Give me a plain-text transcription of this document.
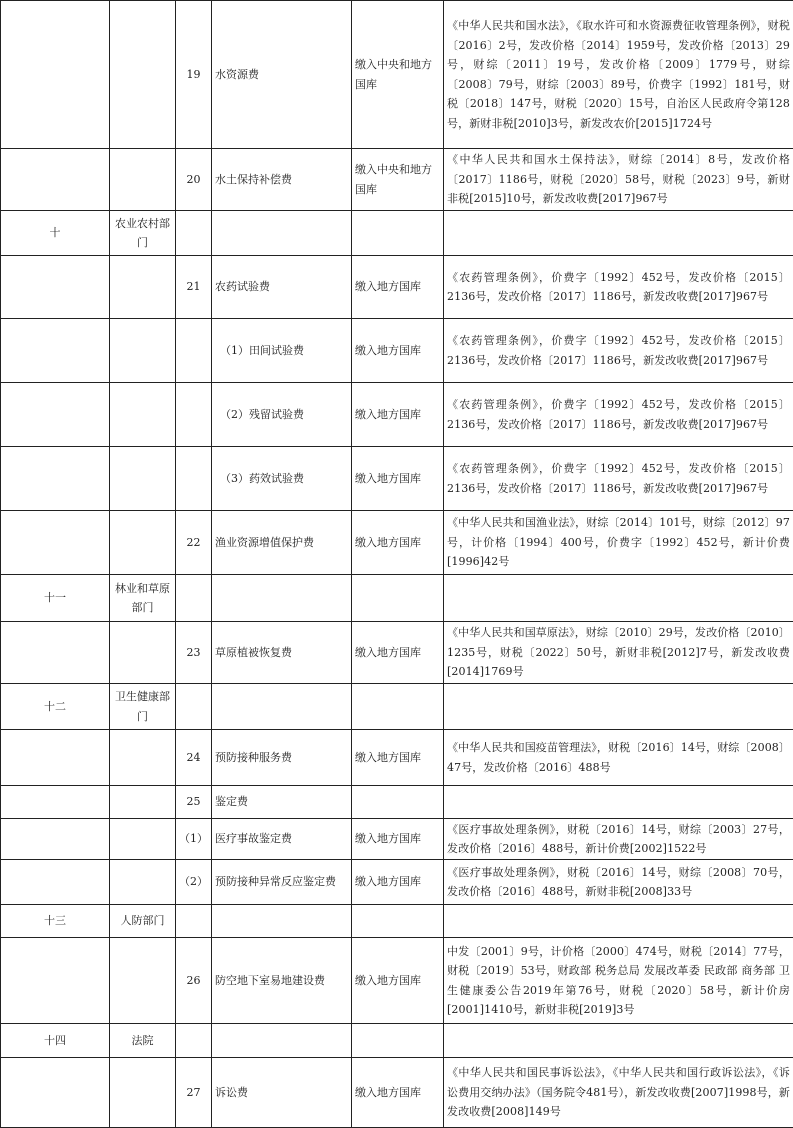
		19	水资源费	缴入中央和地方国库	《中华人民共和国水法》，《取水许可和水资源费征收管理条例》，财税〔2016〕2号，发改价格〔2014〕1959号，发改价格〔2013〕29号，财综〔2011〕19号，发改价格〔2009〕1779号，财综〔2008〕79号，财综〔2003〕89号，价费字〔1992〕181号，财税〔2018〕147号，财税〔2020〕15号，自治区人民政府令第128号，新财非税[2010]3号，新发改农价[2015]1724号
		20	水土保持补偿费	缴入中央和地方国库	《中华人民共和国水土保持法》，财综〔2014〕8号，发改价格〔2017〕1186号，财税〔2020〕58号，财税〔2023〕9号，新财非税[2015]10号，新发改收费[2017]967号
十	农业农村部门				
		21	农药试验费	缴入地方国库	《农药管理条例》，价费字〔1992〕452号，发改价格〔2015〕2136号，发改价格〔2017〕1186号，新发改收费[2017]967号
			（1）田间试验费	缴入地方国库	《农药管理条例》，价费字〔1992〕452号，发改价格〔2015〕2136号，发改价格〔2017〕1186号，新发改收费[2017]967号
			（2）残留试验费	缴入地方国库	《农药管理条例》，价费字〔1992〕452号，发改价格〔2015〕2136号，发改价格〔2017〕1186号，新发改收费[2017]967号
			（3）药效试验费	缴入地方国库	《农药管理条例》，价费字〔1992〕452号，发改价格〔2015〕2136号，发改价格〔2017〕1186号，新发改收费[2017]967号
		22	渔业资源增值保护费	缴入地方国库	《中华人民共和国渔业法》，财综〔2014〕101号，财综〔2012〕97号，计价格〔1994〕400号，价费字〔1992〕452号，新计价费[1996]42号
十一	林业和草原部门				
		23	草原植被恢复费	缴入地方国库	《中华人民共和国草原法》，财综〔2010〕29号，发改价格〔2010〕1235号，财税〔2022〕50号，新财非税[2012]7号，新发改收费[2014]1769号
十二	卫生健康部门				
		24	预防接种服务费	缴入地方国库	《中华人民共和国疫苗管理法》，财税〔2016〕14号，财综〔2008〕47号，发改价格〔2016〕488号
		25	鉴定费		
		（1）	医疗事故鉴定费	缴入地方国库	《医疗事故处理条例》，财税〔2016〕14号，财综〔2003〕27号，发改价格〔2016〕488号，新计价费[2002]1522号
		（2）	预防接种异常反应鉴定费	缴入地方国库	《医疗事故处理条例》，财税〔2016〕14号，财综〔2008〕70号，发改价格〔2016〕488号，新财非税[2008]33号
十三	人防部门				
		26	防空地下室易地建设费	缴入地方国库	中发〔2001〕9号，计价格〔2000〕474号，财税〔2014〕77号，财税〔2019〕53号，财政部 税务总局 发展改革委 民政部 商务部 卫生健康委公告2019年第76号，财税〔2020〕58号，新计价房[2001]1410号，新财非税[2019]3号
十四	法院				
		27	诉讼费	缴入地方国库	《中华人民共和国民事诉讼法》，《中华人民共和国行政诉讼法》，《诉讼费用交纳办法》（国务院令481号），新发改收费[2007]1998号，新发改收费[2008]149号
